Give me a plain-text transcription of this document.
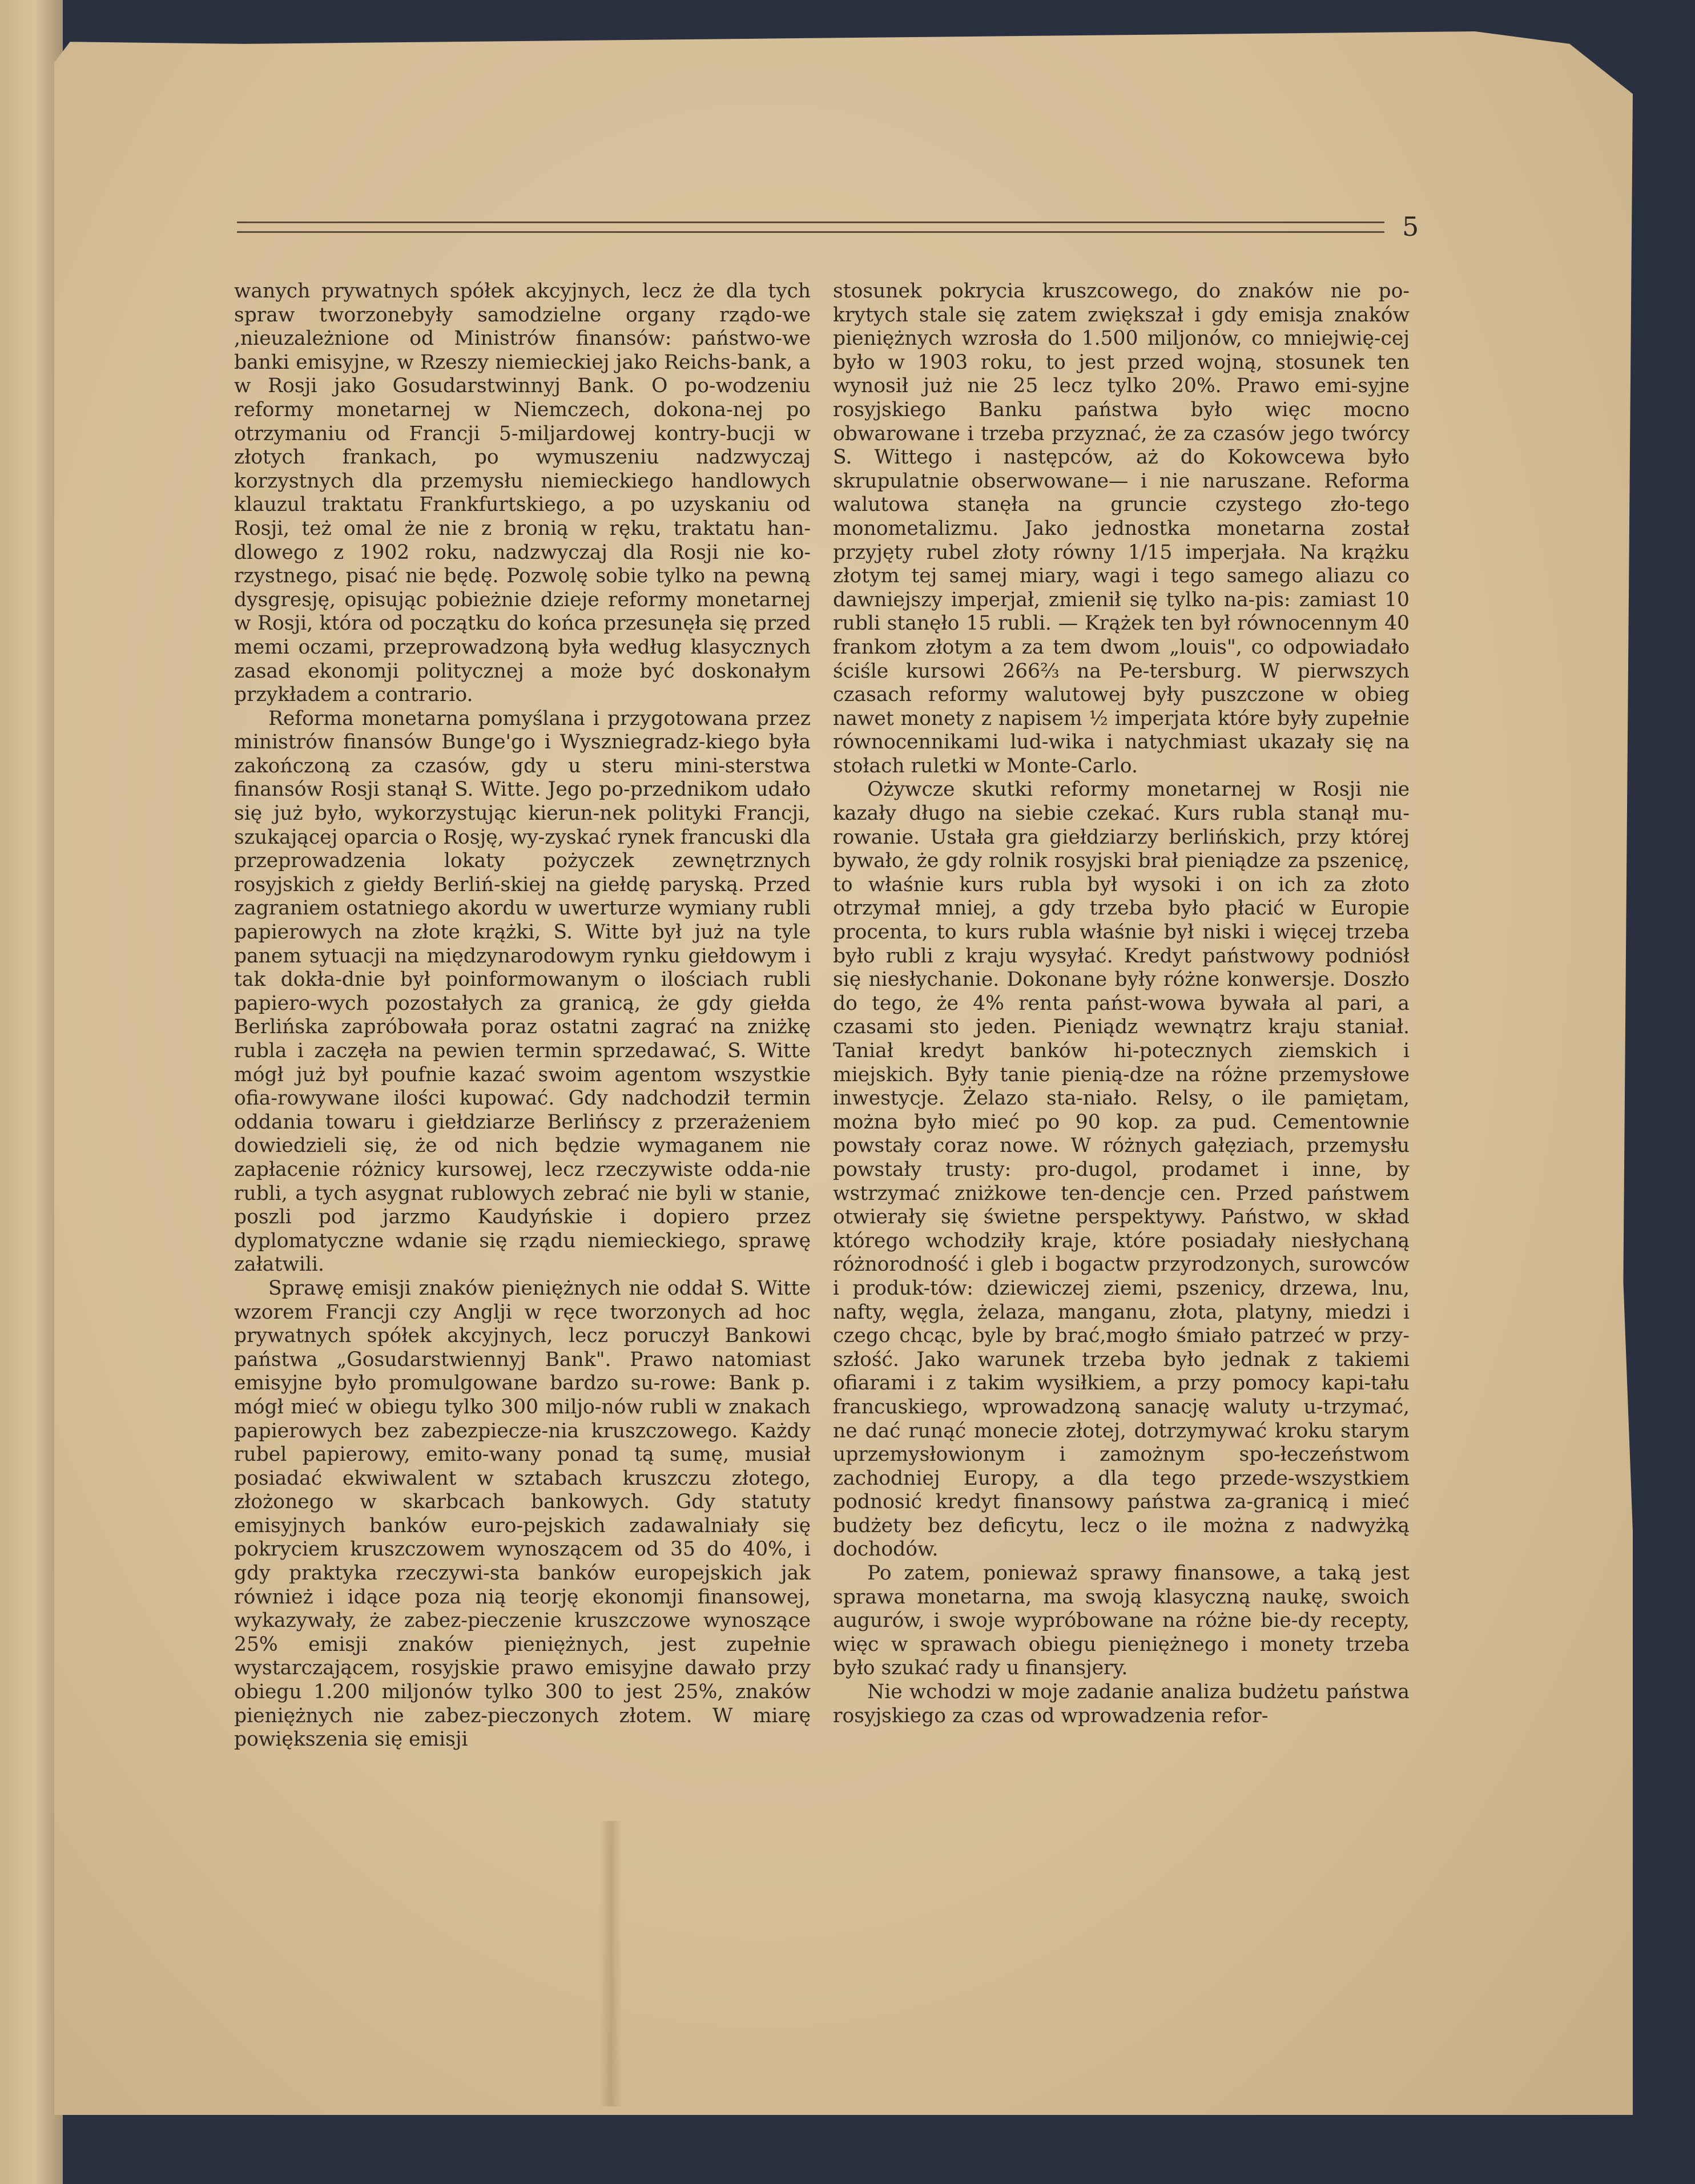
5

wanych prywatnych spółek akcyjnych, lecz że dla tych spraw tworzonebyły samodzielne organy rządo-we ,nieuzależnione od Ministrów finansów: państwo-we banki emisyjne, w Rzeszy niemieckiej jako Reichs-bank, a w Rosji jako Gosudarstwinnyj Bank. O po-wodzeniu reformy monetarnej w Niemczech, dokona-nej po otrzymaniu od Francji 5-miljardowej kontry-bucji w złotych frankach, po wymuszeniu nadzwyczaj korzystnych dla przemysłu niemieckiego handlowych klauzul traktatu Frankfurtskiego, a po uzyskaniu od Rosji, też omal że nie z bronią w ręku, traktatu han-dlowego z 1902 roku, nadzwyczaj dla Rosji nie ko-rzystnego, pisać nie będę. Pozwolę sobie tylko na pewną dysgresję, opisując pobieżnie dzieje reformy monetarnej w Rosji, która od początku do końca przesunęła się przed memi oczami, przeprowadzoną była według klasycznych zasad ekonomji politycznej a może być doskonałym przykładem a contrario.

Reforma monetarna pomyślana i przygotowana przez ministrów finansów Bunge'go i Wyszniegradz-kiego była zakończoną za czasów, gdy u steru mini-sterstwa finansów Rosji stanął S. Witte. Jego po-przednikom udało się już było, wykorzystując kierun-nek polityki Francji, szukającej oparcia o Rosję, wy-zyskać rynek francuski dla przeprowadzenia lokaty pożyczek zewnętrznych rosyjskich z giełdy Berliń-skiej na giełdę paryską. Przed zagraniem ostatniego akordu w uwerturze wymiany rubli papierowych na złote krążki, S. Witte był już na tyle panem sytuacji na międzynarodowym rynku giełdowym i tak dokła-dnie był poinformowanym o ilościach rubli papiero-wych pozostałych za granicą, że gdy giełda Berlińska zapróbowała poraz ostatni zagrać na zniżkę rubla i zaczęła na pewien termin sprzedawać, S. Witte mógł już był poufnie kazać swoim agentom wszystkie ofia-rowywane ilości kupować. Gdy nadchodził termin oddania towaru i giełdziarze Berlińscy z przerażeniem dowiedzieli się, że od nich będzie wymaganem nie zapłacenie różnicy kursowej, lecz rzeczywiste odda-nie rubli, a tych asygnat rublowych zebrać nie byli w stanie, poszli pod jarzmo Kaudyńskie i dopiero przez dyplomatyczne wdanie się rządu niemieckiego, sprawę załatwili.

Sprawę emisji znaków pieniężnych nie oddał S. Witte wzorem Francji czy Anglji w ręce tworzonych ad hoc prywatnych spółek akcyjnych, lecz poruczył Bankowi państwa „Gosudarstwiennyj Bank". Prawo natomiast emisyjne było promulgowane bardzo su-rowe: Bank p. mógł mieć w obiegu tylko 300 miljo-nów rubli w znakach papierowych bez zabezpiecze-nia kruszczowego. Każdy rubel papierowy, emito-wany ponad tą sumę, musiał posiadać ekwiwalent w sztabach kruszczu złotego, złożonego w skarbcach bankowych. Gdy statuty emisyjnych banków euro-pejskich zadawalniały się pokryciem kruszczowem wynoszącem od 35 do 40%, i gdy praktyka rzeczywi-sta banków europejskich jak również i idące poza nią teorję ekonomji finansowej, wykazywały, że zabez-pieczenie kruszczowe wynoszące 25% emisji znaków pieniężnych, jest zupełnie wystarczającem, rosyjskie prawo emisyjne dawało przy obiegu 1.200 miljonów tylko 300 to jest 25%, znaków pieniężnych nie zabez-pieczonych złotem. W miarę powiększenia się emisji

stosunek pokrycia kruszcowego, do znaków nie po-krytych stale się zatem zwiększał i gdy emisja znaków pieniężnych wzrosła do 1.500 miljonów, co mniejwię-cej było w 1903 roku, to jest przed wojną, stosunek ten wynosił już nie 25 lecz tylko 20%. Prawo emi-syjne rosyjskiego Banku państwa było więc mocno obwarowane i trzeba przyznać, że za czasów jego twórcy S. Wittego i następców, aż do Kokowcewa było skrupulatnie obserwowane— i nie naruszane. Reforma walutowa stanęła na gruncie czystego zło-tego monometalizmu. Jako jednostka monetarna został przyjęty rubel złoty równy 1/15 imperjała. Na krążku złotym tej samej miary, wagi i tego samego aliazu co dawniejszy imperjał, zmienił się tylko na-pis: zamiast 10 rubli stanęło 15 rubli. — Krążek ten był równocennym 40 frankom złotym a za tem dwom „louis", co odpowiadało ściśle kursowi 266⅔ na Pe-tersburg. W pierwszych czasach reformy walutowej były puszczone w obieg nawet monety z napisem ½ imperjata które były zupełnie równocennikami lud-wika i natychmiast ukazały się na stołach ruletki w Monte-Carlo.

Ożywcze skutki reformy monetarnej w Rosji nie kazały długo na siebie czekać. Kurs rubla stanął mu-rowanie. Ustała gra giełdziarzy berlińskich, przy której bywało, że gdy rolnik rosyjski brał pieniądze za pszenicę, to właśnie kurs rubla był wysoki i on ich za złoto otrzymał mniej, a gdy trzeba było płacić w Europie procenta, to kurs rubla właśnie był niski i więcej trzeba było rubli z kraju wysyłać. Kredyt państwowy podniósł się niesłychanie. Dokonane były różne konwersje. Doszło do tego, że 4% renta państ-wowa bywała al pari, a czasami sto jeden. Pieniądz wewnątrz kraju staniał. Taniał kredyt banków hi-potecznych ziemskich i miejskich. Były tanie pienią-dze na różne przemysłowe inwestycje. Żelazo sta-niało. Relsy, o ile pamiętam, można było mieć po 90 kop. za pud. Cementownie powstały coraz nowe. W różnych gałęziach, przemysłu powstały trusty: pro-dugol, prodamet i inne, by wstrzymać zniżkowe ten-dencje cen. Przed państwem otwierały się świetne perspektywy. Państwo, w skład którego wchodziły kraje, które posiadały niesłychaną różnorodność i gleb i bogactw przyrodzonych, surowców i produk-tów: dziewiczej ziemi, pszenicy, drzewa, lnu, nafty, węgla, żelaza, manganu, złota, platyny, miedzi i czego chcąc, byle by brać,mogło śmiało patrzeć w przy-szłość. Jako warunek trzeba było jednak z takiemi ofiarami i z takim wysiłkiem, a przy pomocy kapi-tału francuskiego, wprowadzoną sanację waluty u-trzymać, ne dać runąć monecie złotej, dotrzymywać kroku starym uprzemysłowionym i zamożnym spo-łeczeństwom zachodniej Europy, a dla tego przede-wszystkiem podnosić kredyt finansowy państwa za-granicą i mieć budżety bez deficytu, lecz o ile można z nadwyżką dochodów.

Po zatem, ponieważ sprawy finansowe, a taką jest sprawa monetarna, ma swoją klasyczną naukę, swoich augurów, i swoje wypróbowane na różne bie-dy recepty, więc w sprawach obiegu pieniężnego i monety trzeba było szukać rady u finansjery.

Nie wchodzi w moje zadanie analiza budżetu państwa rosyjskiego za czas od wprowadzenia refor-
